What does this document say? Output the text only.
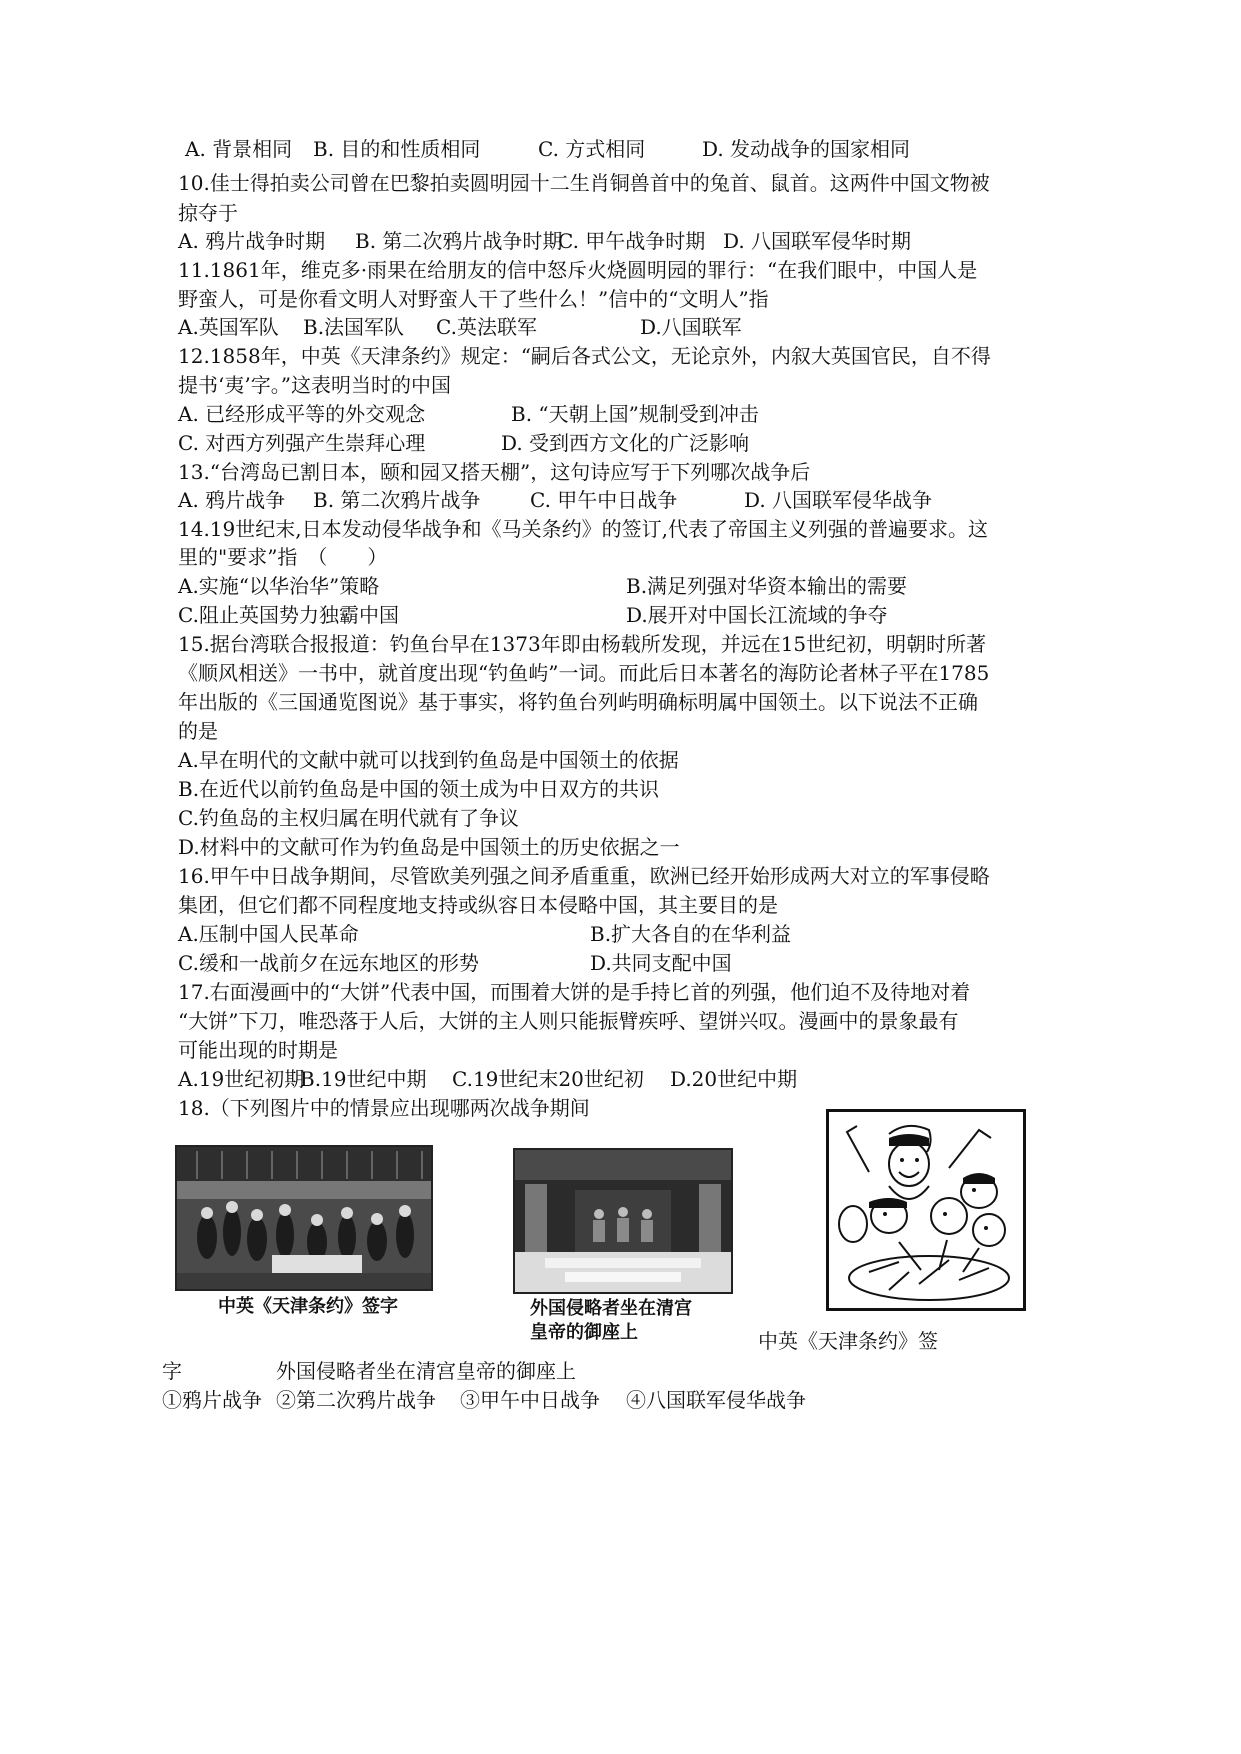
A. 背景相同 B. 目的和性质相同	C. 方式相同	D. 发动战争的国家相同
10.佳士得拍卖公司曾在巴黎拍卖圆明园十二生肖铜兽首中的兔首、鼠首。这两件中国文物被
掠夺于
A. 鸦片战争时期 B. 第二次鸦片战争时期
C. 甲午战争时期 D. 八国联军侵华时期
11.1861年，维克多·雨果在给朋友的信中怒斥火烧圆明园的罪行：“在我们眼中，中国人是
野蛮人，可是你看文明人对野蛮人干了些什么！”信中的“文明人”指
A.英国军队 B.法国军队 C.英法联军	D.八国联军
12.1858年，中英《天津条约》规定：“嗣后各式公文，无论京外，内叙大英国官民，自不得
提书‘夷’字。”这表明当时的中国
A. 已经形成平等的外交观念	B. “天朝上国”规制受到冲击
C. 对西方列强产生崇拜心理	D. 受到西方文化的广泛影响
13.“台湾岛已割日本，颐和园又搭天棚”，这句诗应写于下列哪次战争后
A. 鸦片战争 B. 第二次鸦片战争 C. 甲午中日战争	D. 八国联军侵华战争
14.19世纪末,日本发动侵华战争和《马关条约》的签订,代表了帝国主义列强的普遍要求。这
里的"要求”指　（　　）
A.实施“以华治华”策略	B.满足列强对华资本输出的需要
C.阻止英国势力独霸中国	D.展开对中国长江流域的争夺
15.据台湾联合报报道：钓鱼台早在1373年即由杨载所发现，并远在15世纪初，明朝时所著
《顺风相送》一书中，就首度出现“钓鱼屿”一词。而此后日本著名的海防论者林子平在1785
年出版的《三国通览图说》基于事实，将钓鱼台列屿明确标明属中国领土。以下说法不正确
的是
A.早在明代的文献中就可以找到钓鱼岛是中国领土的依据
B.在近代以前钓鱼岛是中国的领土成为中日双方的共识
C.钓鱼岛的主权归属在明代就有了争议
D.材料中的文献可作为钓鱼岛是中国领土的历史依据之一
16.甲午中日战争期间，尽管欧美列强之间矛盾重重，欧洲已经开始形成两大对立的军事侵略
集团，但它们都不同程度地支持或纵容日本侵略中国，其主要目的是
A.压制中国人民革命	B.扩大各自的在华利益
C.缓和一战前夕在远东地区的形势	D.共同支配中国
17.右面漫画中的“大饼”代表中国，而围着大饼的是手持匕首的列强，他们迫不及待地对着
“大饼”下刀，唯恐落于人后，大饼的主人则只能振臂疾呼、望饼兴叹。漫画中的景象最有
可能出现的时期是
A.19世纪初期
B.19世纪中期 C.19世纪末20世纪初 D.20世纪中期
18.（下列图片中的情景应出现哪两次战争期间
中英《天津条约》签字	外国侵略者坐在清宫
皇帝的御座上	中英《天津条约》签
字	外国侵略者坐在清宫皇帝的御座上
①鸦片战争 ②第二次鸦片战争 ③甲午中日战争 ④八国联军侵华战争
